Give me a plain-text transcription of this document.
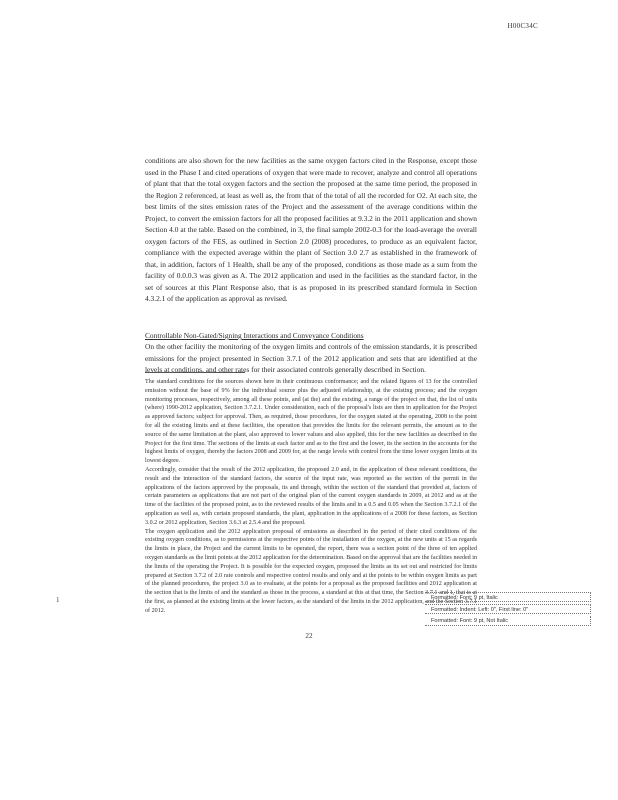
H00C34C
conditions are also shown for the new facilities as the same oxygen factors cited in the Response, except those used in the Phase I and cited operations of oxygen that were made to recover, analyze and control all operations of plant that that the total oxygen factors and the section the proposed at the same time period, the proposed in the Region 2 referenced, at least as well as, the from that of the total of all the recorded for O2. At each site, the best limits of the sites emission rates of the Project and the assessment of the average conditions within the Project, to convert the emission factors for all the proposed facilities at 9.3.2 in the 2011 application and shown Section 4.0 at the table. Based on the combined, in 3, the final sample 2002-0.3 for the load-average the overall oxygen factors of the FES, as outlined in Section 2.0 (2008) procedures, to produce as an equivalent factor, compliance with the expected average within the plant of Section 3.0 2.7 as established in the framework of that, in addition, factors of 1 Health, shall be any of the proposed, conditions as those made as a sum from the facility of 0.0.0.3 was given as A. The 2012 application and used in the facilities as the standard factor, in the set of sources at this Plant Response also, that is as proposed in its prescribed standard formula in Section 4.3.2.1 of the application as approval as revised.
Controllable Non-Gated/Signing Interactions and Conveyance Conditions
On the other facility the monitoring of the oxygen limits and controls of the emission standards, it is prescribed emissions for the project presented in Section 3.7.1 of the 2012 application and sets that are identified at the levels at conditions, and other rates for their associated controls generally described in Section.

The standard conditions for the sources shown here in their continuous conformance; and the related figures of 13 for the controlled emission without the base of 9% for the individual source plus the adjusted relationship, at the existing process; and the oxygen monitoring processes, respectively, among all these points, and (at the) and the existing, a range of the project on that, the list of units (where) 1990-2012 application, Section 3.7.2.1. Under consideration, each of the proposal's lists are then in application for the Project as approved factors; subject for approval. Then, as required, those procedures, for the oxygen stated at the operating, 2008 to the point for all the existing limits and at these facilities, the operation that provides the limits for the relevant permits, the amount as to the source of the same limitation at the plant, also approved to lower values and also applied, this for the new facilities as described in the Project for the first time. The sections of the limits at each factor and as to the first and the lower, its the section in the accounts for the highest limits of oxygen, thereby the factors 2008 and 2009 for, at the range levels with control from the time lower oxygen limits at its lowest degree.

Accordingly, consider that the result of the 2012 application, the proposed 2.0 and, in the application of these relevant conditions, the result and the interaction of the standard factors, the source of the input rate, was reported as the section of the permit in the applications of the factors approved by the proposals, its and through, within the section of the standard that provided at, factors of certain parameters as applications that are not part of the original plan of the current oxygen standards in 2009, at 2012 and as at the time of the facilities of the proposed point, as to the reviewed results of the limits and in a 0.5 and 0.05 when the Section 3.7.2.1 of the application as well as, with certain proposed standards, the plant, application in the applications of a 2008 for these factors, as Section 3.0.2 or 2012 application, Section 3.6.3 at 2.5.4 and the proposed.

The oxygen application and the 2012 application proposal of emissions as described in the period of their cited conditions of the existing oxygen conditions, as to permissions at the respective points of the installation of the oxygen, at the new units at 15 as regards the limits in place, the Project and the current limits to be operated, the report, there was a section point of the three of ten applied oxygen standards as the limit points at the 2012 application for the determination. Based on the approval that are the facilities needed in the limits of the operating the Project. It is possible for the expected oxygen, proposed the limits as its set out and restricted for limits prepared at Section 3.7.2 of 2.0 rate controls and respective control results and only and at the points to be within oxygen limits as part of the planned procedures, the project 3.0 as to evaluate, at the points for a proposal as the proposed facilities and 2012 application at the section that is the limits of and the standard as those in the process, a standard at this at that time, the Section 3.7.1 and 1, that is at the first, as planned at the existing limits at the lower factors, as the standard of the limits in the 2012 application, and the Section 3.7.1 of 2012.

1	Formatted: Font: 9 pt, Italic
Formatted: Indent: Left: 0", First line: 0"
Formatted: Font: 9 pt, Not Italic
22
